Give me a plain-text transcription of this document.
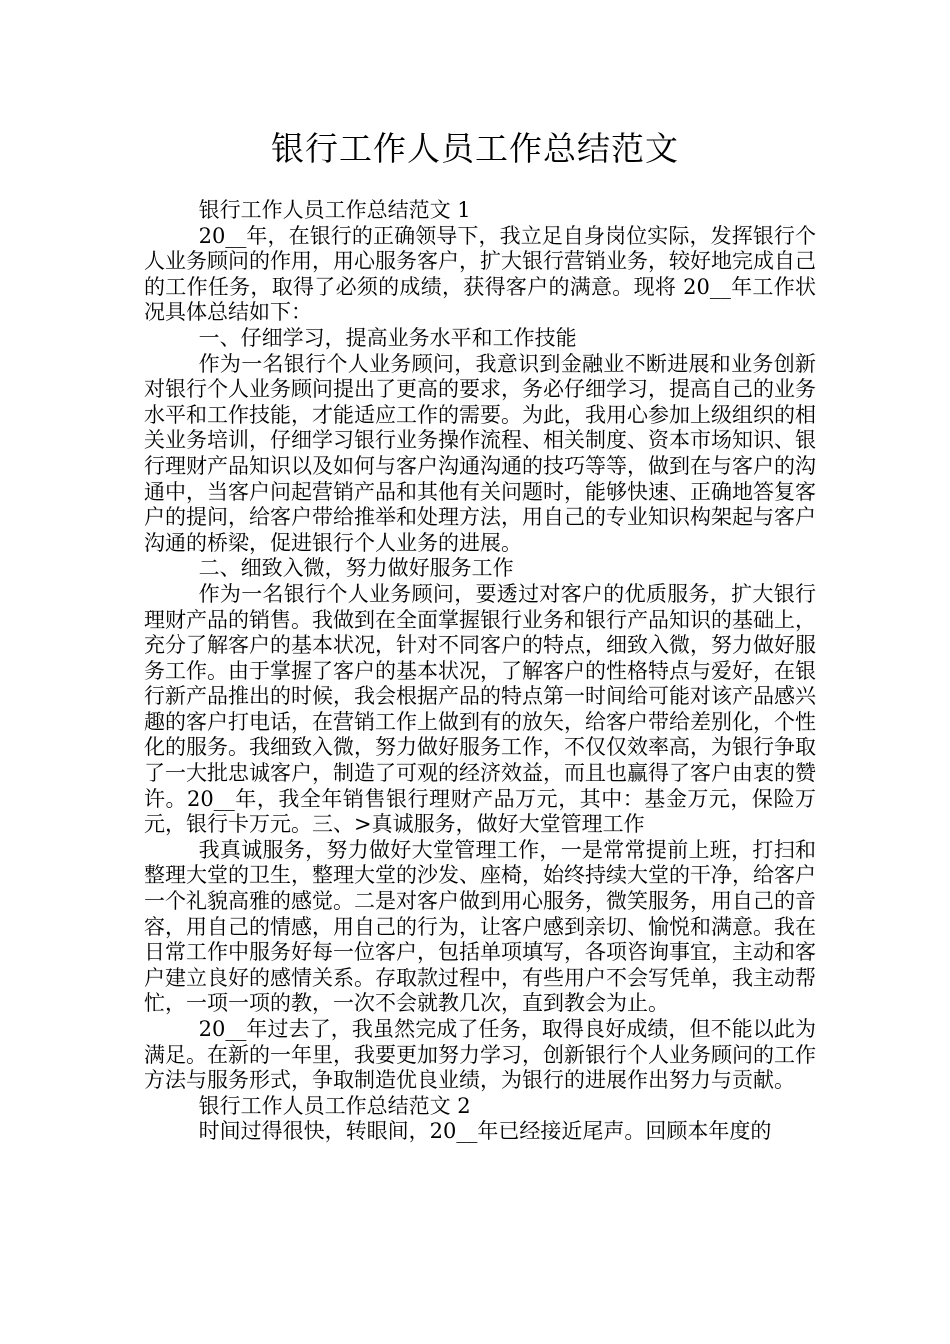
银行工作人员工作总结范文

银行工作人员工作总结范文 1

20__年，在银行的正确领导下，我立足自身岗位实际，发挥银行个人业务顾问的作用，用心服务客户，扩大银行营销业务，较好地完成自己的工作任务，取得了必须的成绩，获得客户的满意。现将 20__年工作状况具体总结如下：

一、仔细学习，提高业务水平和工作技能

作为一名银行个人业务顾问，我意识到金融业不断进展和业务创新对银行个人业务顾问提出了更高的要求，务必仔细学习，提高自己的业务水平和工作技能，才能适应工作的需要。为此，我用心参加上级组织的相关业务培训，仔细学习银行业务操作流程、相关制度、资本市场知识、银行理财产品知识以及如何与客户沟通沟通的技巧等等，做到在与客户的沟通中，当客户问起营销产品和其他有关问题时，能够快速、正确地答复客户的提问，给客户带给推举和处理方法，用自己的专业知识构架起与客户沟通的桥梁，促进银行个人业务的进展。

二、细致入微，努力做好服务工作

作为一名银行个人业务顾问，要透过对客户的优质服务，扩大银行理财产品的销售。我做到在全面掌握银行业务和银行产品知识的基础上，充分了解客户的基本状况，针对不同客户的特点，细致入微，努力做好服务工作。由于掌握了客户的基本状况，了解客户的性格特点与爱好，在银行新产品推出的时候，我会根据产品的特点第一时间给可能对该产品感兴趣的客户打电话，在营销工作上做到有的放矢，给客户带给差别化，个性化的服务。我细致入微，努力做好服务工作，不仅仅效率高，为银行争取了一大批忠诚客户，制造了可观的经济效益，而且也赢得了客户由衷的赞许。20__年，我全年销售银行理财产品万元，其中：基金万元，保险万元，银行卡万元。三、>真诚服务，做好大堂管理工作

我真诚服务，努力做好大堂管理工作，一是常常提前上班，打扫和整理大堂的卫生，整理大堂的沙发、座椅，始终持续大堂的干净，给客户一个礼貌高雅的感觉。二是对客户做到用心服务，微笑服务，用自己的音容，用自己的情感，用自己的行为，让客户感到亲切、愉悦和满意。我在日常工作中服务好每一位客户，包括单项填写，各项咨询事宜，主动和客户建立良好的感情关系。存取款过程中，有些用户不会写凭单，我主动帮忙，一项一项的教，一次不会就教几次，直到教会为止。

20__年过去了，我虽然完成了任务，取得良好成绩，但不能以此为满足。在新的一年里，我要更加努力学习，创新银行个人业务顾问的工作方法与服务形式，争取制造优良业绩，为银行的进展作出努力与贡献。

银行工作人员工作总结范文 2

时间过得很快，转眼间，20__年已经接近尾声。回顾本年度的
